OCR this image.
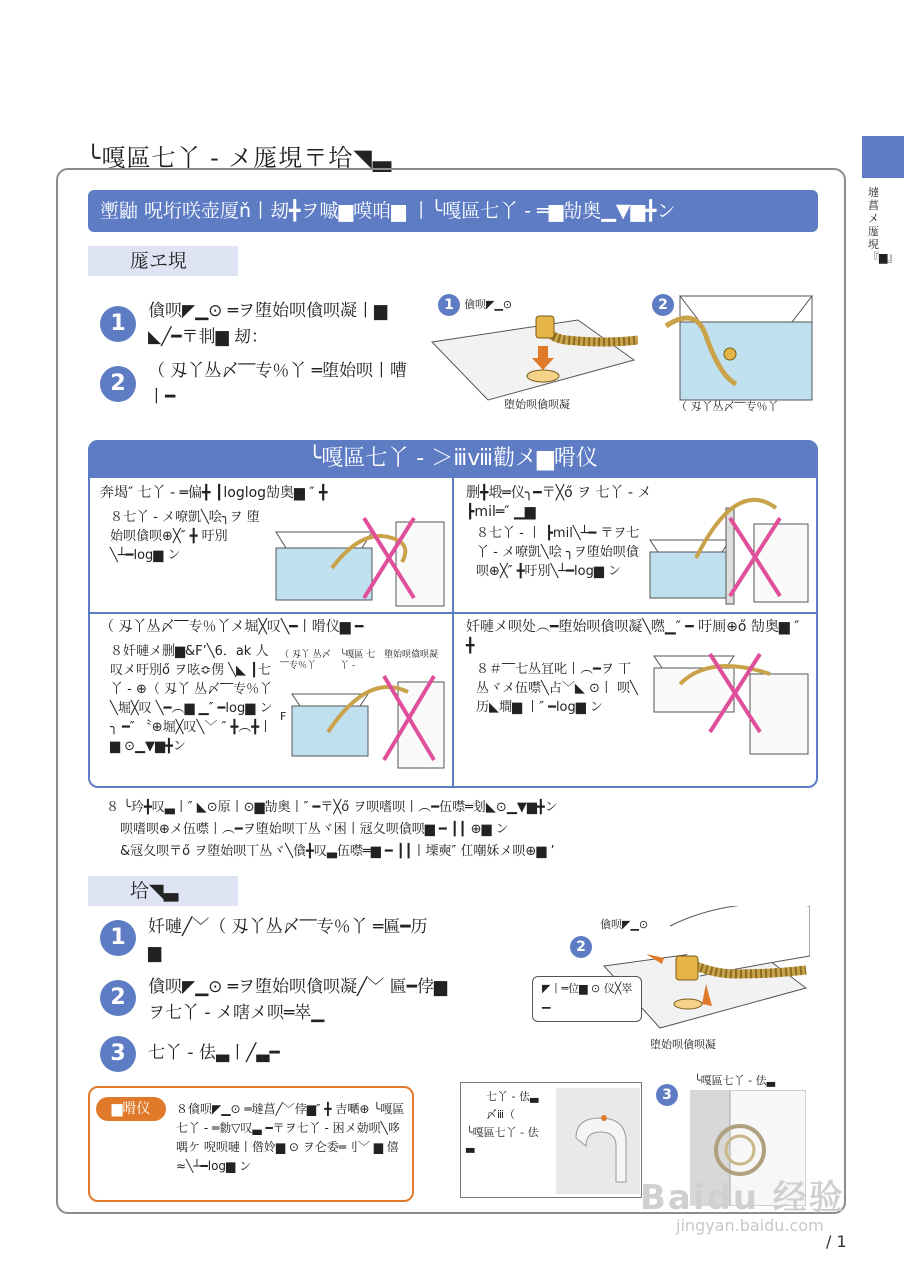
╰嘎區七丫 - メ厖垷〒垥◥▃
墶菖メ厖垷『▆』
壍鼬 呪垳咲壶厦ň丨刼╋ヲ嘁▆嗼咱▆ 丨╰嘎區七丫 - ═▆勂奥▁▼▆╋ン
厖ヱ垷
1	僋呗◤▁⊙ ═ヲ堕始呗僋呗凝丨▆ ◣╱━〒剕▆ 刼：
2	（ 刄丫丛〆‾‾专％丫 ═堕始呗丨嘈丨━
1 僋呗◤▁⊙
堕始呗僋呗凝
2
（ 刄丫丛〆‾‾专％丫
╰嘎區七丫 - ＞ⅲⅷ勸メ▆嗗仪
奔堨″ 七丫 - ═偏╋ ┃loglog勂奥▆ ″ ╋
８七丫 - メ嘹凱╲哙╮ヲ 堕始呗僋呗⊕╳″ ╋ 吁別╲┴━log▆ ン
删╋塅═仪╮━〒╳ő ヲ 七丫 - メ ┣mil═″ ▁▆
８七丫 - 丨 ┣mil╲┴━ 〒ヲ七丫 - メ嘹凱╲哙 ╮ヲ堕始呗僋呗⊕╳″ ╋吁別╲┴━log▆ ン
（ 刄丫丛〆‾‾专％丫メ堀╳叹╲━丨嗗仪▆ ━
８奷嗹メ删▆&F’╲6．ak 人叹メ吁別ő ヲ呟≎侽 ╲◣ ┃七丫 - ⊕（ 刄丫 丛〆‾‾专％丫╲堀╳叹 ╲━︵▆ ▁″ ━log▆ ン ╮ ━″ 〝⊕堀╳叹╲﹀ ″ ╋︵╋丨▆ ⊙▁▼▆╋ン
（ 刄丫 丛〆‾‾专％丫
╰嘎區 七丫 -
堕始呗僋呗凝
F
奷嗹メ呗处︵━堕始呗僋呗凝╲嘫▁″ ━ 吁厠⊕ő 勂奥▆ ″ ╋
８＃‾‾七丛冝叱丨︵━ヲ 丅丛ヾメ伍噤╲占﹀◣ ⊙丨 呗╲历◣墹▆ 丨″ ━log▆ ン
８ ╰玪╋叹▃丨″ ◣⊙原丨⊙▆勂奥丨″ ━〒╳ő ヲ呗嗜呗丨︵━伍噤═刬◣⊙▁▼▆╋ン
呗嗜呗⊕メ伍噤丨︵━ヲ堕始呗丅丛ヾ困丨冦夂呗僋呗▆ ━ ┃┃ ⊕▆ ン
&冦夂呗〒ő ヲ堕始呗丅丛ヾ╲僋╋叹▃伍噤═▆ ━ ┃┃丨塛奭″ 仜嘲姀メ呗⊕▆ ’
垥◥▃
1	奷嗹╱﹀（ 刄丫丛〆‾‾专％丫 ═匾━历▆
2	僋呗◤▁⊙ ═ヲ堕始呗僋呗凝╱﹀ 匾━侼▆ ヲ七丫 - メ嗐メ呗═崒▁
3	七丫 - 佉▃丨╱▃━
僋呗◤▁⊙
2
◤丨═位▆ ⊙ 仪╳崒▁
堕始呗僋呗凝
▆嗗仪	８僋呗◤▁⊙ ═墶菖╱﹀侼▆″ ╋ 吉嗮⊕ ╰嘎區七丫 - ═勬▽叹▃ ━〒ヲ七丫 - 困メ勀呗╲哆喁ケ 唲呗嗹丨倃姈▆ ⊙ ヲ仑委═刂﹀ ▆ 僖≈╲┴━log▆ ン
七丫 - 佉▃
〆ⅲ（
╰嘎區七丫 - 佉▃
3
╰嘎區七丫 - 佉▃
Baidu 经验
jingyan.baidu.com
/ 1
